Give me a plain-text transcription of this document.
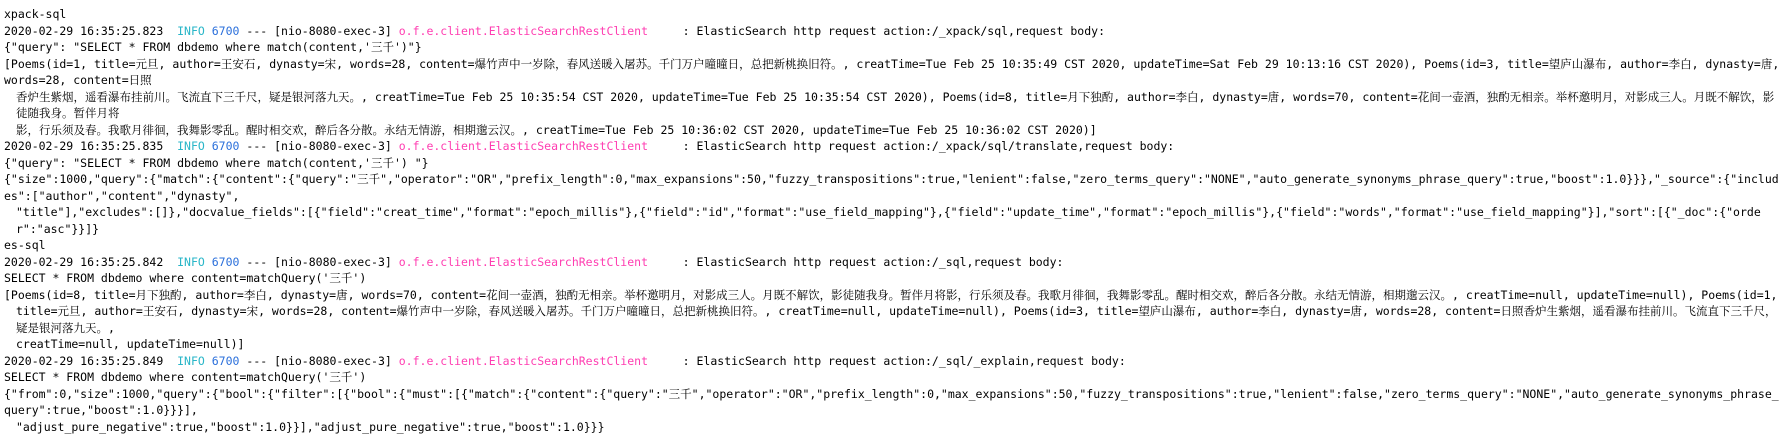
xpack-sql
2020-02-29 16:35:25.823 INFO 6700 --- [nio-8080-exec-3] o.f.e.client.ElasticSearchRestClient	: ElasticSearch http request action:/_xpack/sql,request body:
{"query": "SELECT * FROM dbdemo where match(content,'三千')"}
[Poems(id=1, title=元旦, author=王安石, dynasty=宋, words=28, content=爆竹声中一岁除，春风送暖入屠苏。千门万户曈曈日，总把新桃换旧符。, creatTime=Tue Feb 25 10:35:49 CST 2020, updateTime=Sat Feb 29 10:13:16 CST 2020), Poems(id=3, title=望庐山瀑布, author=李白, dynasty=唐, words=28, content=日照
香炉生紫烟，遥看瀑布挂前川。飞流直下三千尺，疑是银河落九天。, creatTime=Tue Feb 25 10:35:54 CST 2020, updateTime=Tue Feb 25 10:35:54 CST 2020), Poems(id=8, title=月下独酌, author=李白, dynasty=唐, words=70, content=花间一壶酒，独酌无相亲。举杯邀明月，对影成三人。月既不解饮，影徒随我身。暂伴月将
影，行乐须及春。我歌月徘徊，我舞影零乱。醒时相交欢，醉后各分散。永结无情游，相期邈云汉。, creatTime=Tue Feb 25 10:36:02 CST 2020, updateTime=Tue Feb 25 10:36:02 CST 2020)]
2020-02-29 16:35:25.835 INFO 6700 --- [nio-8080-exec-3] o.f.e.client.ElasticSearchRestClient	: ElasticSearch http request action:/_xpack/sql/translate,request body:
{"query": "SELECT * FROM dbdemo where match(content,'三千') "}
{"size":1000,"query":{"match":{"content":{"query":"三千","operator":"OR","prefix_length":0,"max_expansions":50,"fuzzy_transpositions":true,"lenient":false,"zero_terms_query":"NONE","auto_generate_synonyms_phrase_query":true,"boost":1.0}}},"_source":{"includes":["author","content","dynasty",
"title"],"excludes":[]},"docvalue_fields":[{"field":"creat_time","format":"epoch_millis"},{"field":"id","format":"use_field_mapping"},{"field":"update_time","format":"epoch_millis"},{"field":"words","format":"use_field_mapping"}],"sort":[{"_doc":{"order":"asc"}}]}
es-sql
2020-02-29 16:35:25.842 INFO 6700 --- [nio-8080-exec-3] o.f.e.client.ElasticSearchRestClient	: ElasticSearch http request action:/_sql,request body:
SELECT * FROM dbdemo where content=matchQuery('三千')
[Poems(id=8, title=月下独酌, author=李白, dynasty=唐, words=70, content=花间一壶酒，独酌无相亲。举杯邀明月，对影成三人。月既不解饮，影徒随我身。暂伴月将影，行乐须及春。我歌月徘徊，我舞影零乱。醒时相交欢，醉后各分散。永结无情游，相期邈云汉。, creatTime=null, updateTime=null), Poems(id=1,
title=元旦, author=王安石, dynasty=宋, words=28, content=爆竹声中一岁除，春风送暖入屠苏。千门万户曈曈日，总把新桃换旧符。, creatTime=null, updateTime=null), Poems(id=3, title=望庐山瀑布, author=李白, dynasty=唐, words=28, content=日照香炉生紫烟，遥看瀑布挂前川。飞流直下三千尺，疑是银河落九天。,
creatTime=null, updateTime=null)]
2020-02-29 16:35:25.849 INFO 6700 --- [nio-8080-exec-3] o.f.e.client.ElasticSearchRestClient	: ElasticSearch http request action:/_sql/_explain,request body:
SELECT * FROM dbdemo where content=matchQuery('三千')
{"from":0,"size":1000,"query":{"bool":{"filter":[{"bool":{"must":[{"match":{"content":{"query":"三千","operator":"OR","prefix_length":0,"max_expansions":50,"fuzzy_transpositions":true,"lenient":false,"zero_terms_query":"NONE","auto_generate_synonyms_phrase_query":true,"boost":1.0}}}],
"adjust_pure_negative":true,"boost":1.0}}],"adjust_pure_negative":true,"boost":1.0}}}
